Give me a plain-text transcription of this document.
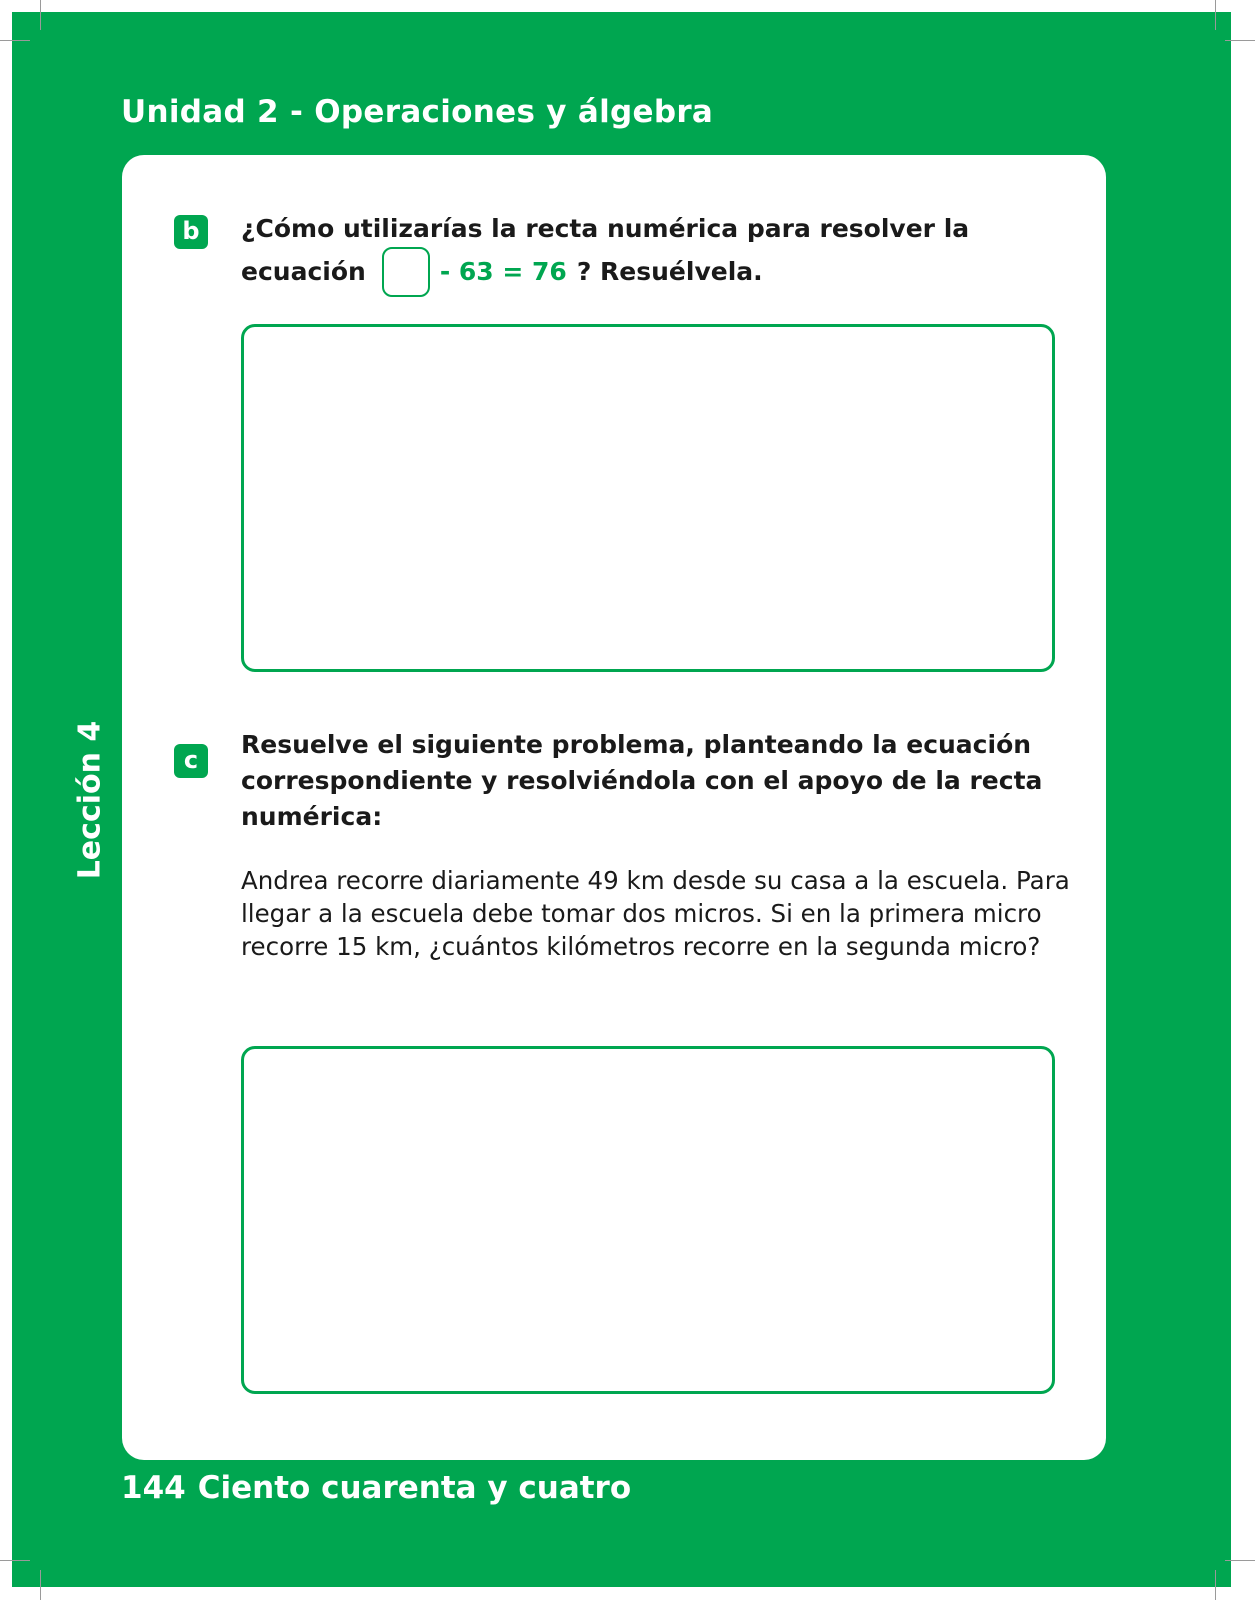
Unidad 2 - Operaciones y álgebra
Lección 4
b	¿Cómo utilizarías la recta numérica para resolver la
ecuación	- 63 = 76 ? Resuélvela.
c
Resuelve el siguiente problema, planteando la ecuación
correspondiente y resolviéndola con el apoyo de la recta
numérica:
Andrea recorre diariamente 49 km desde su casa a la escuela. Para
llegar a la escuela debe tomar dos micros. Si en la primera micro
recorre 15 km, ¿cuántos kilómetros recorre en la segunda micro?
144 Ciento cuarenta y cuatro
